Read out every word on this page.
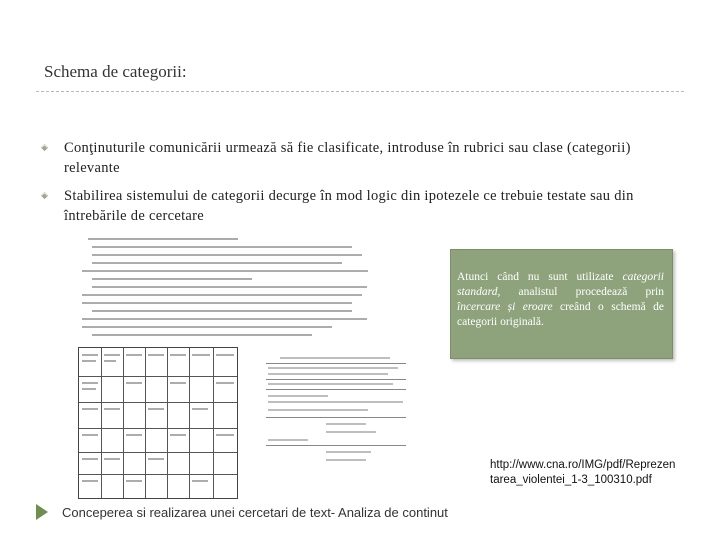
Schema de categorii:
Conţinuturile comunicării urmează să fie clasificate, introduse în rubrici sau clase (categorii) relevante
Stabilirea sistemului de categorii decurge în mod logic din ipotezele ce trebuie testate sau din întrebările de cercetare
Atunci când nu sunt utilizate categorii standard, analistul procedează prin încercare și eroare creând o schemă de categorii originală.
http://www.cna.ro/IMG/pdf/Reprezen
tarea_violentei_1-3_100310.pdf
Conceperea si realizarea unei cercetari de text- Analiza de continut
